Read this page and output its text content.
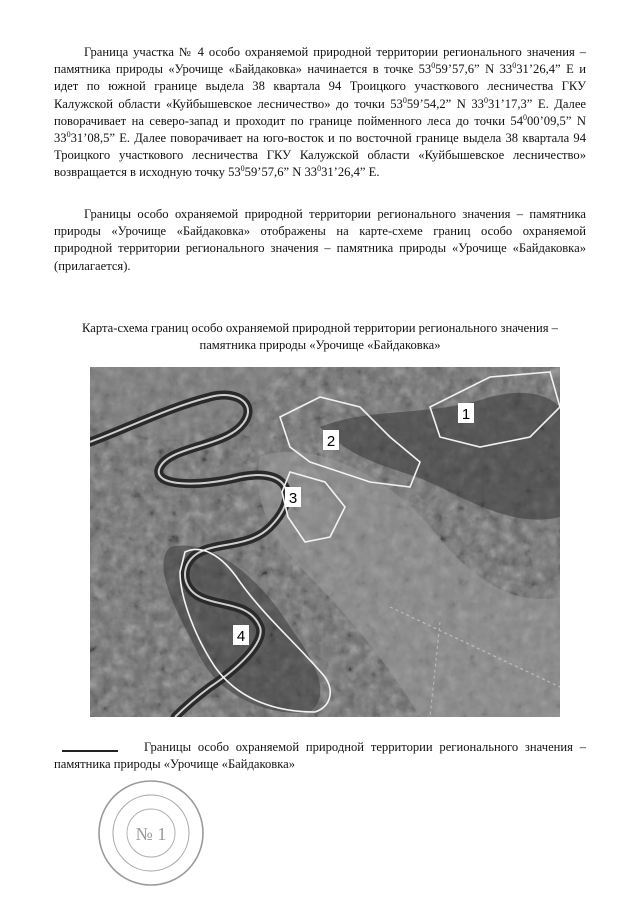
Граница участка № 4 особо охраняемой природной территории регионального значения – памятника природы «Урочище «Байдаковка» начинается в точке $53^059’57,6$” N $33^031’26,4$” E и идет по южной границе выдела 38 квартала 94 Троицкого участкового лесничества ГКУ Калужской области «Куйбышевское лесничество» до точки $53^059’54,2$” N $33^031’17,3$” E. Далее поворачивает на северо-запад и проходит по границе пойменного леса до точки $54^000’09,5$” N $33^031’08,5$” E. Далее поворачивает на юго-восток и по восточной границе выдела 38 квартала 94 Троицкого участкового лесничества ГКУ Калужской области «Куйбышевское лесничество» возвращается в исходную точку $53^059’57,6$” N $33^031’26,4$” E.

Границы особо охраняемой природной территории регионального значения – памятника природы «Урочище «Байдаковка» отображены на карте-схеме границ особо охраняемой природной территории регионального значения – памятника природы «Урочище «Байдаковка» (прилагается).

Карта-схема границ особо охраняемой природной территории регионального значения –
памятника природы «Урочище «Байдаковка»
1
2
3
4

Границы особо охраняемой природной территории регионального значения – памятника природы «Урочище «Байдаковка»

№ 1
